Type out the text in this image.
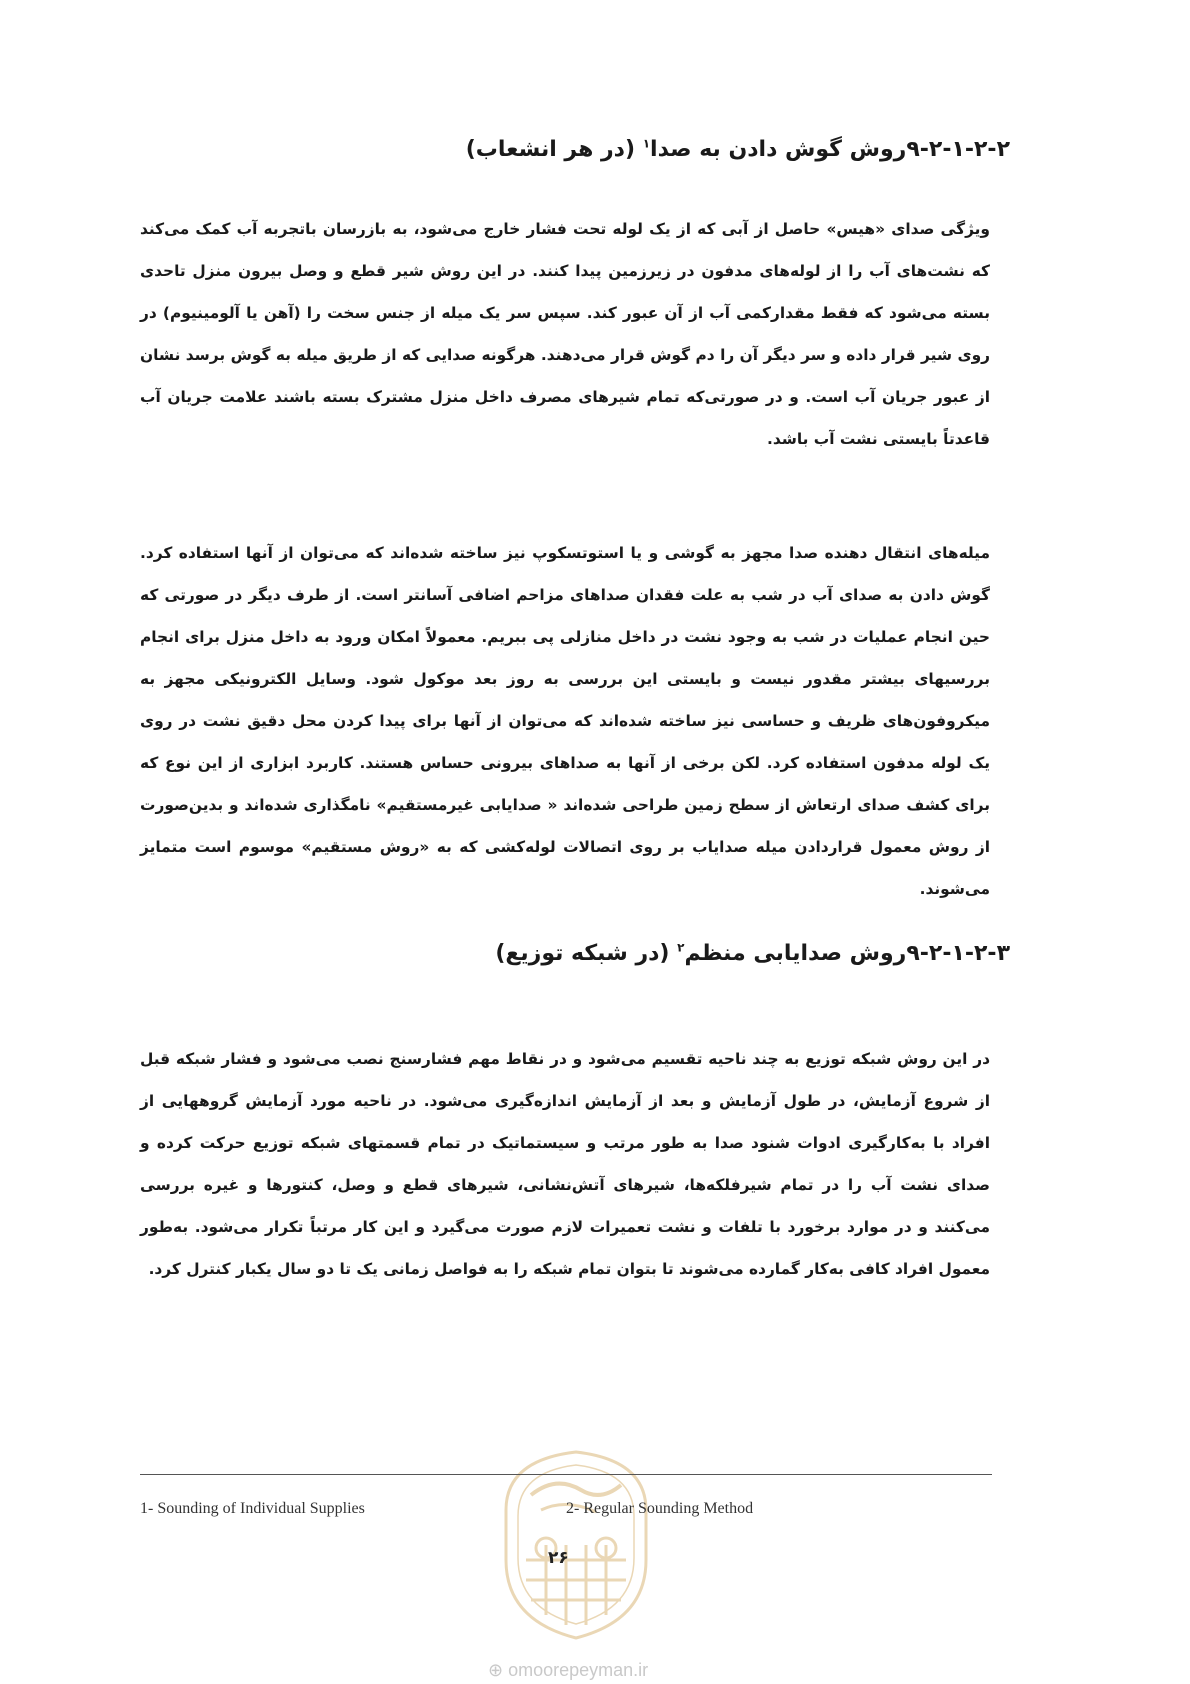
۹-۲-۱-۲-۲روش گوش دادن به صدا$^۱$ (در هر انشعاب)

ویژگی صدای «هیس» حاصل از آبی که از یک لوله تحت فشار خارج می‌شود، به بازرسان باتجربه آب کمک می‌کند که نشت‌های آب را از لوله‌های مدفون در زیرزمین پیدا کنند. در این روش شیر قطع و وصل بیرون منزل تاحدی بسته می‌شود که فقط مقدارکمی آب از آن عبور کند. سپس سر یک میله از جنس سخت را (آهن یا آلومینیوم) در روی شیر قرار داده و سر دیگر آن را دم گوش قرار می‌دهند. هرگونه صدایی که از طریق میله به گوش برسد نشان از عبور جریان آب است. و در صورتی‌که تمام شیرهای مصرف داخل منزل مشترک بسته باشند علامت جریان آب قاعدتاً بایستی نشت آب باشد.

میله‌های انتقال دهنده صدا مجهز به گوشی و یا استوتسکوپ نیز ساخته شده‌اند که می‌توان از آنها استفاده کرد. گوش دادن به صدای آب در شب به علت فقدان صداهای مزاحم اضافی آسانتر است. از طرف دیگر در صورتی که حین انجام عملیات در شب به وجود نشت در داخل منازلی پی ببریم. معمولاً امکان ورود به داخل منزل برای انجام بررسیهای بیشتر مقدور نیست و بایستی این بررسی به روز بعد موکول شود. وسایل الکترونیکی مجهز به میکروفون‌های ظریف و حساسی نیز ساخته شده‌اند که می‌توان از آنها برای پیدا کردن محل دقیق نشت در روی یک لوله مدفون استفاده کرد. لکن برخی از آنها به صداهای بیرونی حساس هستند. کاربرد ابزاری از این نوع که برای کشف صدای ارتعاش از سطح زمین طراحی شده‌اند « صدایابی غیرمستقیم» نامگذاری شده‌اند و بدین‌صورت از روش معمول قراردادن میله صدایاب بر روی اتصالات لوله‌کشی که به «روش مستقیم» موسوم است متمایز می‌شوند.

۹-۲-۱-۲-۳روش صدایابی منظم$^۲$ (در شبکه توزیع)

در این روش شبکه توزیع به چند ناحیه تقسیم می‌شود و در نقاط مهم فشارسنج نصب می‌شود و فشار شبکه قبل از شروع آزمایش، در طول آزمایش و بعد از آزمایش اندازه‌گیری می‌شود. در ناحیه مورد آزمایش گروههایی از افراد با به‌کارگیری ادوات شنود صدا به طور مرتب و سیستماتیک در تمام قسمتهای شبکه توزیع حرکت کرده و صدای نشت آب را در تمام شیرفلکه‌ها، شیرهای آتش‌نشانی، شیرهای قطع و وصل، کنتورها و غیره بررسی می‌کنند و در موارد برخورد با تلفات و نشت تعمیرات لازم صورت می‌گیرد و این کار مرتباً تکرار می‌شود. به‌طور معمول افراد کافی به‌کار گمارده می‌شوند تا بتوان تمام شبکه را به فواصل زمانی یک تا دو سال یکبار کنترل کرد.

1- Sounding of Individual Supplies	2- Regular Sounding Method
۲۶
⊕ omoorepeyman.ir
